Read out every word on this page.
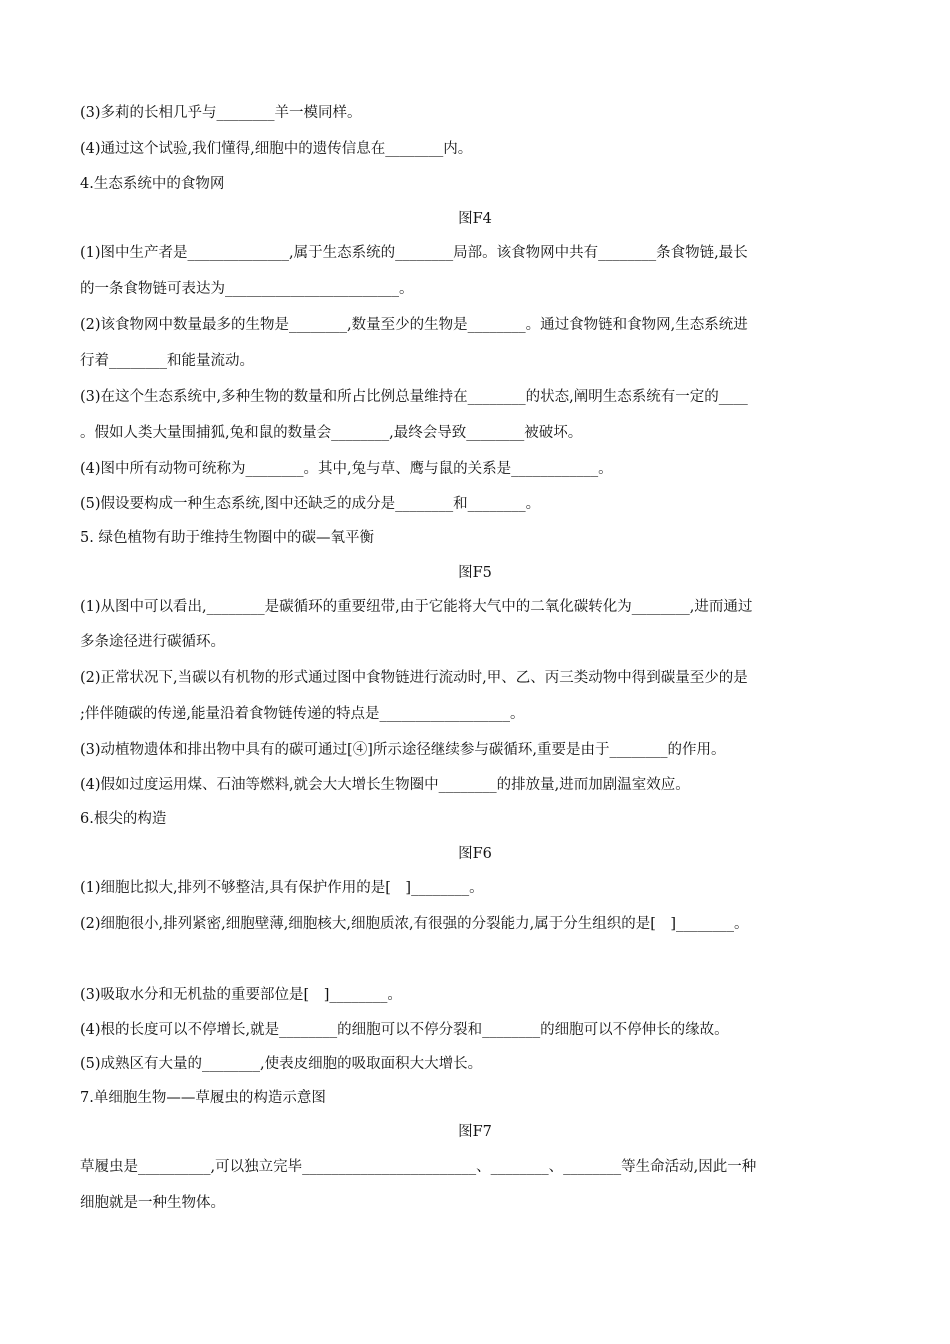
(3)多莉的长相几乎与________羊一模同样。
(4)通过这个试验,我们懂得,细胞中的遗传信息在________内。
4.生态系统中的食物网
图F4
(1)图中生产者是______________,属于生态系统的________局部。该食物网中共有________条食物链,最长
的一条食物链可表达为________________________。
(2)该食物网中数量最多的生物是________,数量至少的生物是________。通过食物链和食物网,生态系统进
行着________和能量流动。
(3)在这个生态系统中,多种生物的数量和所占比例总量维持在________的状态,阐明生态系统有一定的____
。假如人类大量围捕狐,兔和鼠的数量会________,最终会导致________被破坏。
(4)图中所有动物可统称为________。其中,兔与草、鹰与鼠的关系是____________。
(5)假设要构成一种生态系统,图中还缺乏的成分是________和________。
5. 绿色植物有助于维持生物圈中的碳—氧平衡
图F5
(1)从图中可以看出,________是碳循环的重要纽带,由于它能将大气中的二氧化碳转化为________,进而通过
多条途径进行碳循环。
(2)正常状况下,当碳以有机物的形式通过图中食物链进行流动时,甲、乙、丙三类动物中得到碳量至少的是
;伴伴随碳的传递,能量沿着食物链传递的特点是__________________。
(3)动植物遗体和排出物中具有的碳可通过[④]所示途径继续参与碳循环,重要是由于________的作用。
(4)假如过度运用煤、石油等燃料,就会大大增长生物圈中________的排放量,进而加剧温室效应。
6.根尖的构造
图F6
(1)细胞比拟大,排列不够整洁,具有保护作用的是[　]________。
(2)细胞很小,排列紧密,细胞壁薄,细胞核大,细胞质浓,有很强的分裂能力,属于分生组织的是[　]________。
(3)吸取水分和无机盐的重要部位是[　]________。
(4)根的长度可以不停增长,就是________的细胞可以不停分裂和________的细胞可以不停伸长的缘故。
(5)成熟区有大量的________,使表皮细胞的吸取面积大大增长。
7.单细胞生物——草履虫的构造示意图
图F7
草履虫是__________,可以独立完毕________________________、________、________等生命活动,因此一种
细胞就是一种生物体。
